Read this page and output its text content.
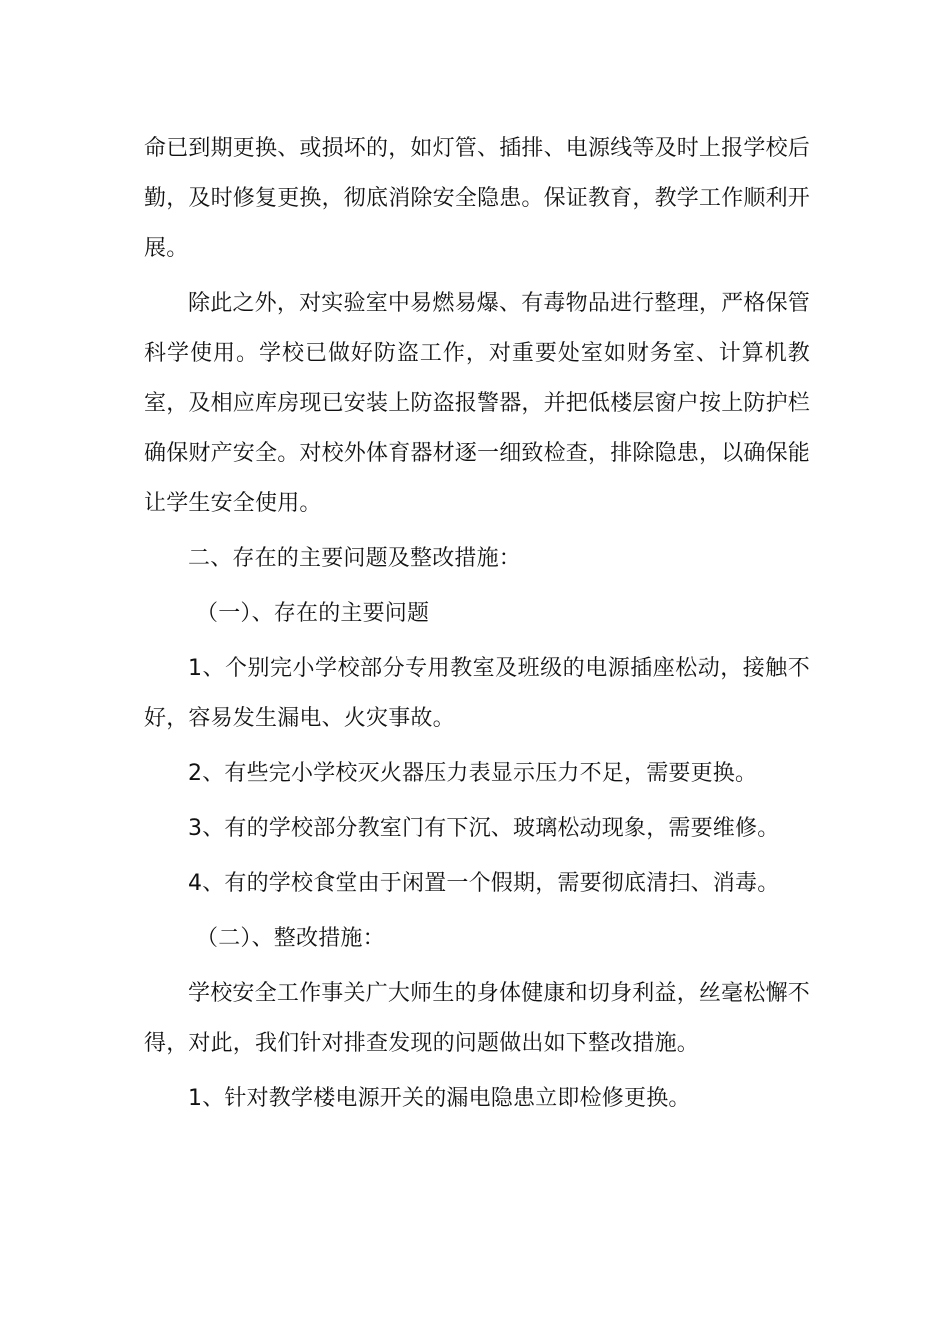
命已到期更换、或损坏的，如灯管、插排、电源线等及时上报学校后勤，及时修复更换，彻底消除安全隐患。保证教育，教学工作顺利开展。

除此之外，对实验室中易燃易爆、有毒物品进行整理，严格保管科学使用。学校已做好防盗工作，对重要处室如财务室、计算机教室，及相应库房现已安装上防盗报警器，并把低楼层窗户按上防护栏确保财产安全。对校外体育器材逐一细致检查，排除隐患，以确保能让学生安全使用。

二、存在的主要问题及整改措施：

（一）、存在的主要问题

1、个别完小学校部分专用教室及班级的电源插座松动，接触不好，容易发生漏电、火灾事故。

2、有些完小学校灭火器压力表显示压力不足，需要更换。

3、有的学校部分教室门有下沉、玻璃松动现象，需要维修。

4、有的学校食堂由于闲置一个假期，需要彻底清扫、消毒。

（二）、整改措施：

学校安全工作事关广大师生的身体健康和切身利益，丝毫松懈不得，对此，我们针对排查发现的问题做出如下整改措施。

1、针对教学楼电源开关的漏电隐患立即检修更换。
